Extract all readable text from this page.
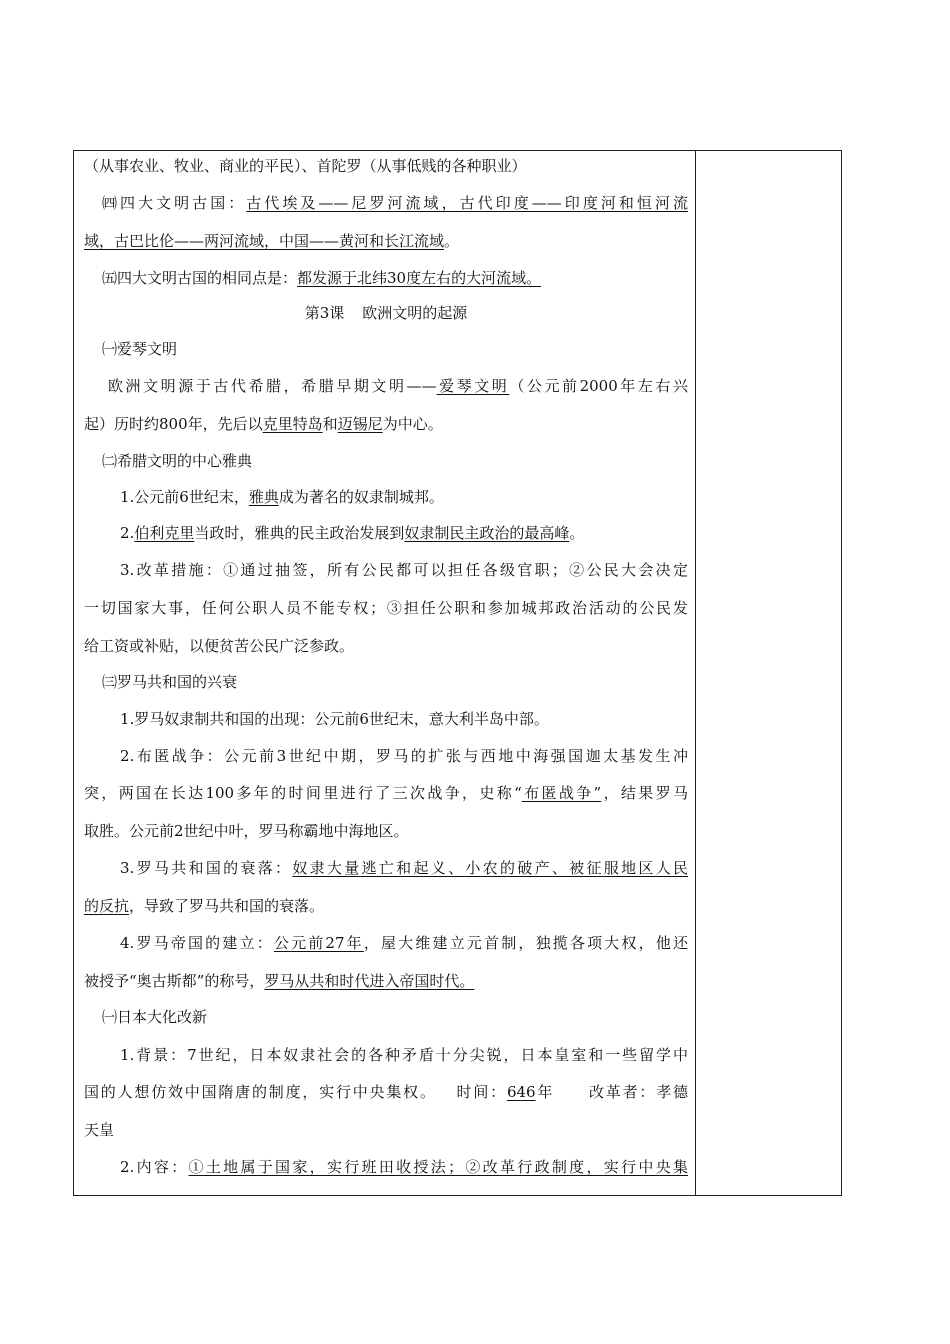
（从事农业、牧业、商业的平民）、首陀罗（从事低贱的各种职业）
㈣四大文明古国：古代埃及——尼罗河流域，古代印度——印度河和恒河流
域，古巴比伦——两河流域，中国——黄河和长江流域。
㈤四大文明古国的相同点是：都发源于北纬30度左右的大河流域。
第3课 欧洲文明的起源
㈠爱琴文明
欧洲文明源于古代希腊，希腊早期文明——爱琴文明（公元前2000年左右兴
起）历时约800年，先后以克里特岛和迈锡尼为中心。
㈡希腊文明的中心雅典
1.公元前6世纪末，雅典成为著名的奴隶制城邦。
2.伯利克里当政时，雅典的民主政治发展到奴隶制民主政治的最高峰。
3.改革措施：①通过抽签，所有公民都可以担任各级官职；②公民大会决定
一切国家大事，任何公职人员不能专权；③担任公职和参加城邦政治活动的公民发
给工资或补贴，以便贫苦公民广泛参政。
㈢罗马共和国的兴衰
1.罗马奴隶制共和国的出现：公元前6世纪末，意大利半岛中部。
2.布匿战争：公元前3世纪中期，罗马的扩张与西地中海强国迦太基发生冲
突，两国在长达100多年的时间里进行了三次战争，史称“布匿战争”，结果罗马
取胜。公元前2世纪中叶，罗马称霸地中海地区。
3.罗马共和国的衰落：奴隶大量逃亡和起义、小农的破产、被征服地区人民
的反抗，导致了罗马共和国的衰落。
4.罗马帝国的建立：公元前27年，屋大维建立元首制，独揽各项大权，他还
被授予“奥古斯都”的称号，罗马从共和时代进入帝国时代。
㈠日本大化改新
1.背景：7世纪，日本奴隶社会的各种矛盾十分尖锐，日本皇室和一些留学中
国的人想仿效中国隋唐的制度，实行中央集权。 时间：646年 改革者：孝德
天皇
2.内容：①土地属于国家，实行班田收授法；②改革行政制度，实行中央集
